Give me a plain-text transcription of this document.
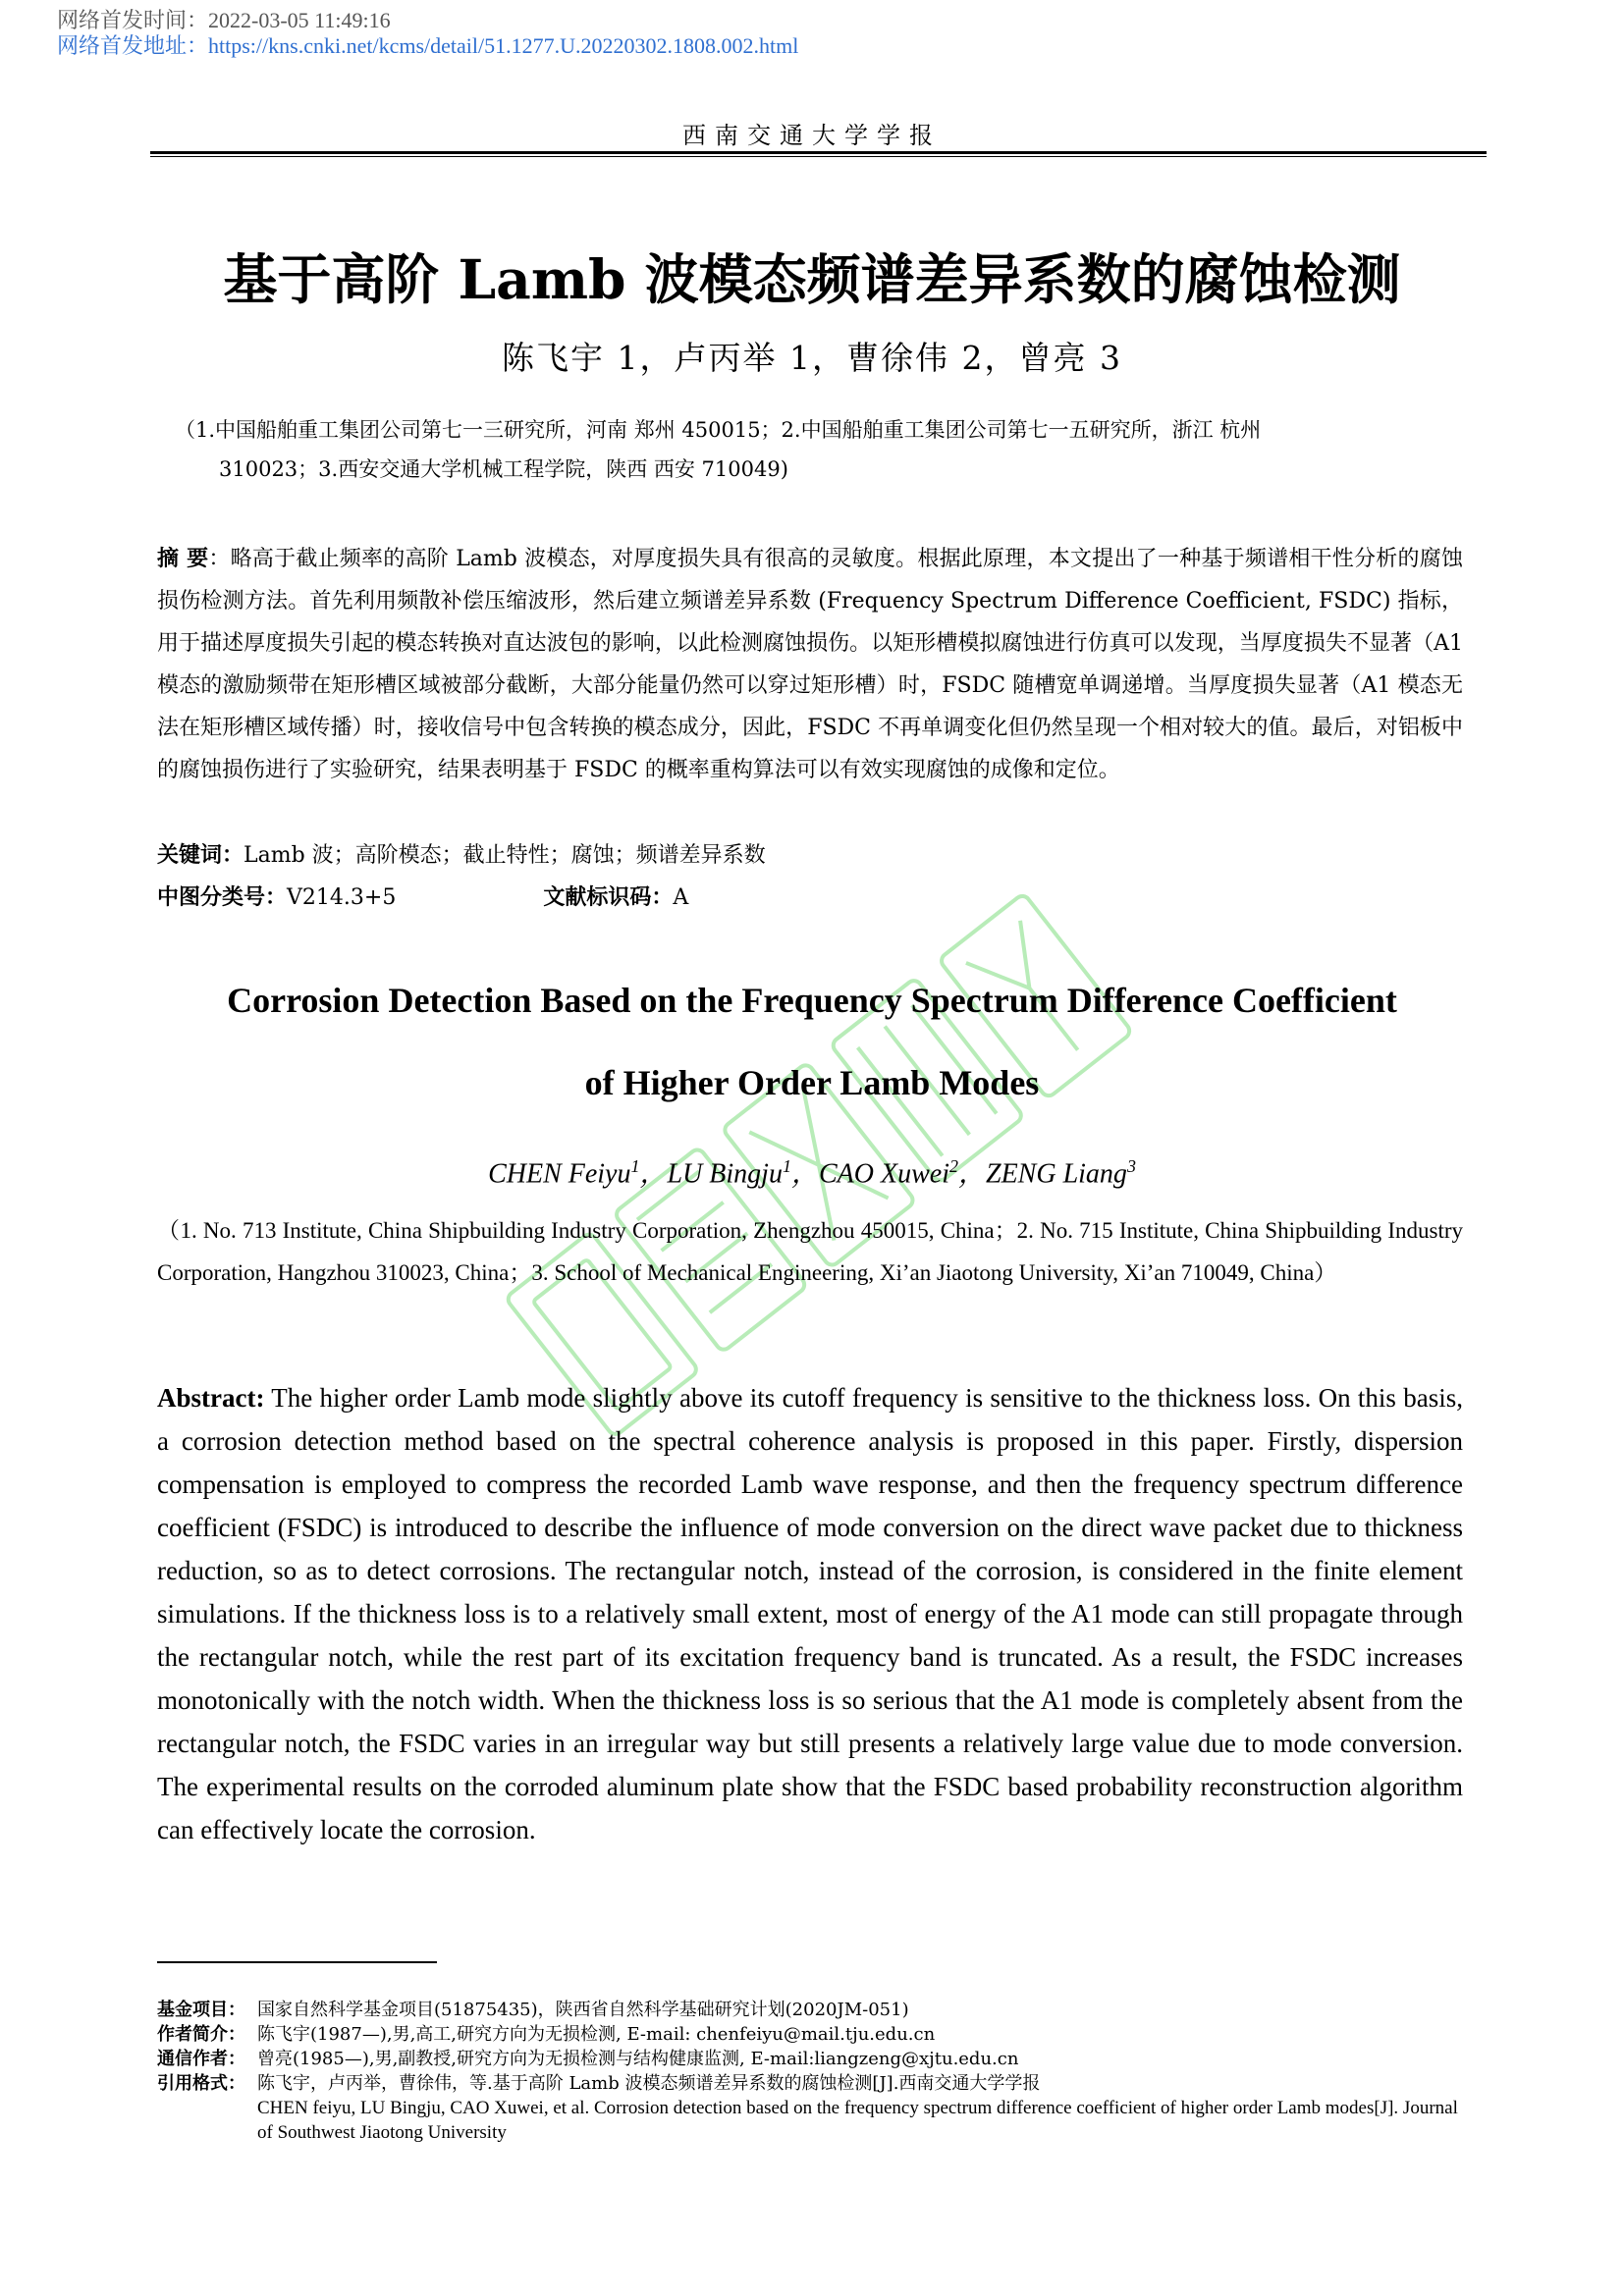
网络首发时间：2022-03-05 11:49:16
网络首发地址：https://kns.cnki.net/kcms/detail/51.1277.U.20220302.1808.002.html
西南交通大学学报
基于高阶 Lamb 波模态频谱差异系数的腐蚀检测
陈飞宇 1，卢丙举 1，曹徐伟 2，曾亮 3
（1.中国船舶重工集团公司第七一三研究所，河南 郑州 450015；2.中国船舶重工集团公司第七一五研究所，浙江 杭州
310023；3.西安交通大学机械工程学院，陕西 西安 710049)
摘 要：略高于截止频率的高阶 Lamb 波模态，对厚度损失具有很高的灵敏度。根据此原理，本文提出了一种基于频谱相干性分析的腐蚀损伤检测方法。首先利用频散补偿压缩波形，然后建立频谱差异系数 (Frequency Spectrum Difference Coefficient, FSDC) 指标，用于描述厚度损失引起的模态转换对直达波包的影响，以此检测腐蚀损伤。以矩形槽模拟腐蚀进行仿真可以发现，当厚度损失不显著（A1 模态的激励频带在矩形槽区域被部分截断，大部分能量仍然可以穿过矩形槽）时，FSDC 随槽宽单调递增。当厚度损失显著（A1 模态无法在矩形槽区域传播）时，接收信号中包含转换的模态成分，因此，FSDC 不再单调变化但仍然呈现一个相对较大的值。最后，对铝板中的腐蚀损伤进行了实验研究，结果表明基于 FSDC 的概率重构算法可以有效实现腐蚀的成像和定位。
关键词：Lamb 波；高阶模态；截止特性；腐蚀；频谱差异系数
中图分类号：V214.3+5	文献标识码：A
Corrosion Detection Based on the Frequency Spectrum Difference Coefficient
of Higher Order Lamb Modes
CHEN Feiyu$^1$，LU Bingju$^1$，CAO Xuwei$^2$，ZENG Liang$^3$
（1. No. 713 Institute, China Shipbuilding Industry Corporation, Zhengzhou 450015, China；2. No. 715 Institute, China Shipbuilding Industry Corporation, Hangzhou 310023, China；3. School of Mechanical Engineering, Xi’an Jiaotong University, Xi’an 710049, China）
Abstract: The higher order Lamb mode slightly above its cutoff frequency is sensitive to the thickness loss. On this basis, a corrosion detection method based on the spectral coherence analysis is proposed in this paper. Firstly, dispersion compensation is employed to compress the recorded Lamb wave response, and then the frequency spectrum difference coefficient (FSDC) is introduced to describe the influence of mode conversion on the direct wave packet due to thickness reduction, so as to detect corrosions. The rectangular notch, instead of the corrosion, is considered in the finite element simulations. If the thickness loss is to a relatively small extent, most of energy of the A1 mode can still propagate through the rectangular notch, while the rest part of its excitation frequency band is truncated. As a result, the FSDC increases monotonically with the notch width. When the thickness loss is so serious that the A1 mode is completely absent from the rectangular notch, the FSDC varies in an irregular way but still presents a relatively large value due to mode conversion. The experimental results on the corroded aluminum plate show that the FSDC based probability reconstruction algorithm can effectively locate the corrosion.
基金项目： 国家自然科学基金项目(51875435)，陕西省自然科学基础研究计划(2020JM-051)
作者简介： 陈飞宇(1987—),男,高工,研究方向为无损检测, E-mail: chenfeiyu@mail.tju.edu.cn
通信作者： 曾亮(1985—),男,副教授,研究方向为无损检测与结构健康监测, E-mail:liangzeng@xjtu.edu.cn
引用格式： 陈飞宇，卢丙举，曹徐伟，等.基于高阶 Lamb 波模态频谱差异系数的腐蚀检测[J].西南交通大学学报
CHEN feiyu, LU Bingju, CAO Xuwei, et al. Corrosion detection based on the frequency spectrum difference coefficient of higher order Lamb modes[J]. Journal of Southwest Jiaotong University
